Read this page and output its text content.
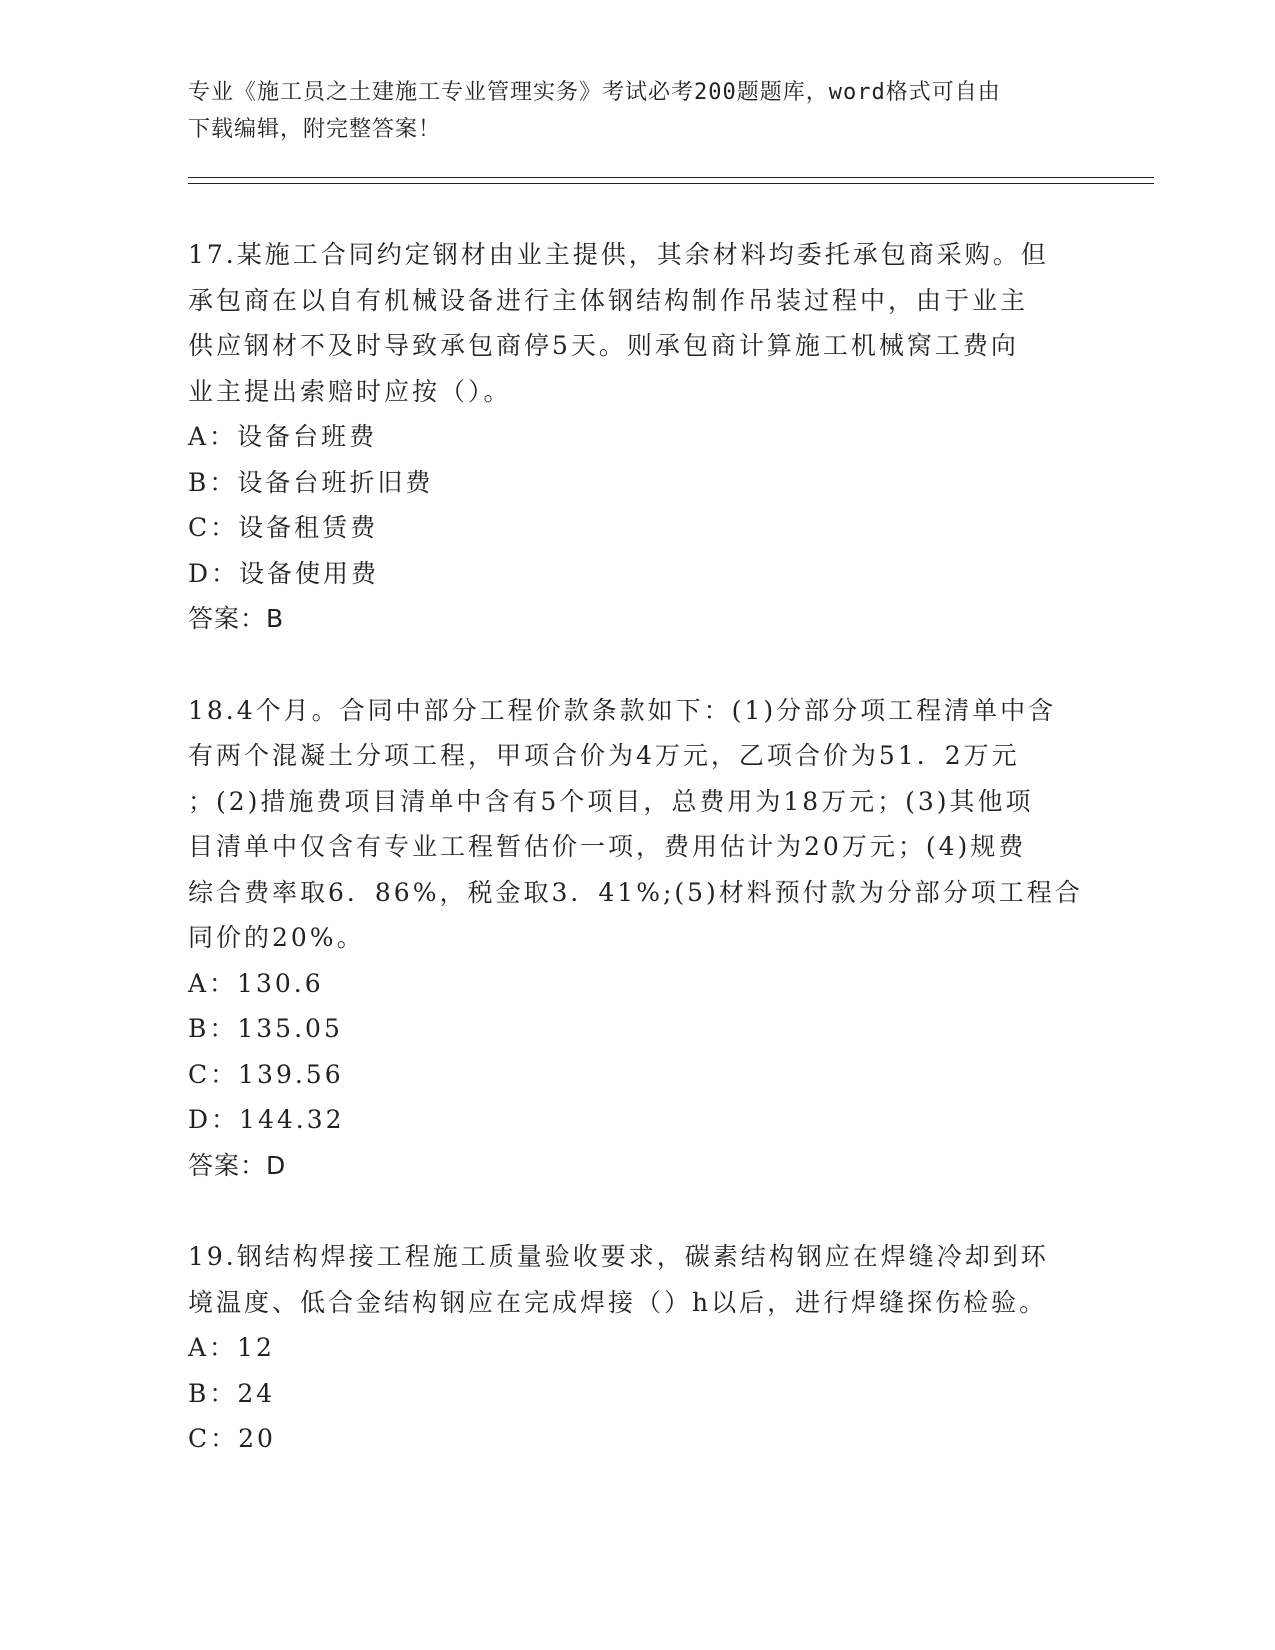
专业《施工员之土建施工专业管理实务》考试必考200题题库，word格式可自由
下载编辑，附完整答案！
17.某施工合同约定钢材由业主提供，其余材料均委托承包商采购。但
承包商在以自有机械设备进行主体钢结构制作吊装过程中，由于业主
供应钢材不及时导致承包商停5天。则承包商计算施工机械窝工费向
业主提出索赔时应按（）。
A：设备台班费
B：设备台班折旧费
C：设备租赁费
D：设备使用费
答案：B
18.4个月。合同中部分工程价款条款如下：(1)分部分项工程清单中含
有两个混凝土分项工程，甲项合价为4万元，乙项合价为51．2万元
；(2)措施费项目清单中含有5个项目，总费用为18万元；(3)其他项
目清单中仅含有专业工程暂估价一项，费用估计为20万元；(4)规费
综合费率取6．86%，税金取3．41%;(5)材料预付款为分部分项工程合
同价的20%。
A：130.6
B：135.05
C：139.56
D：144.32
答案：D
19.钢结构焊接工程施工质量验收要求，碳素结构钢应在焊缝冷却到环
境温度、低合金结构钢应在完成焊接（）h以后，进行焊缝探伤检验。
A：12
B：24
C：20
